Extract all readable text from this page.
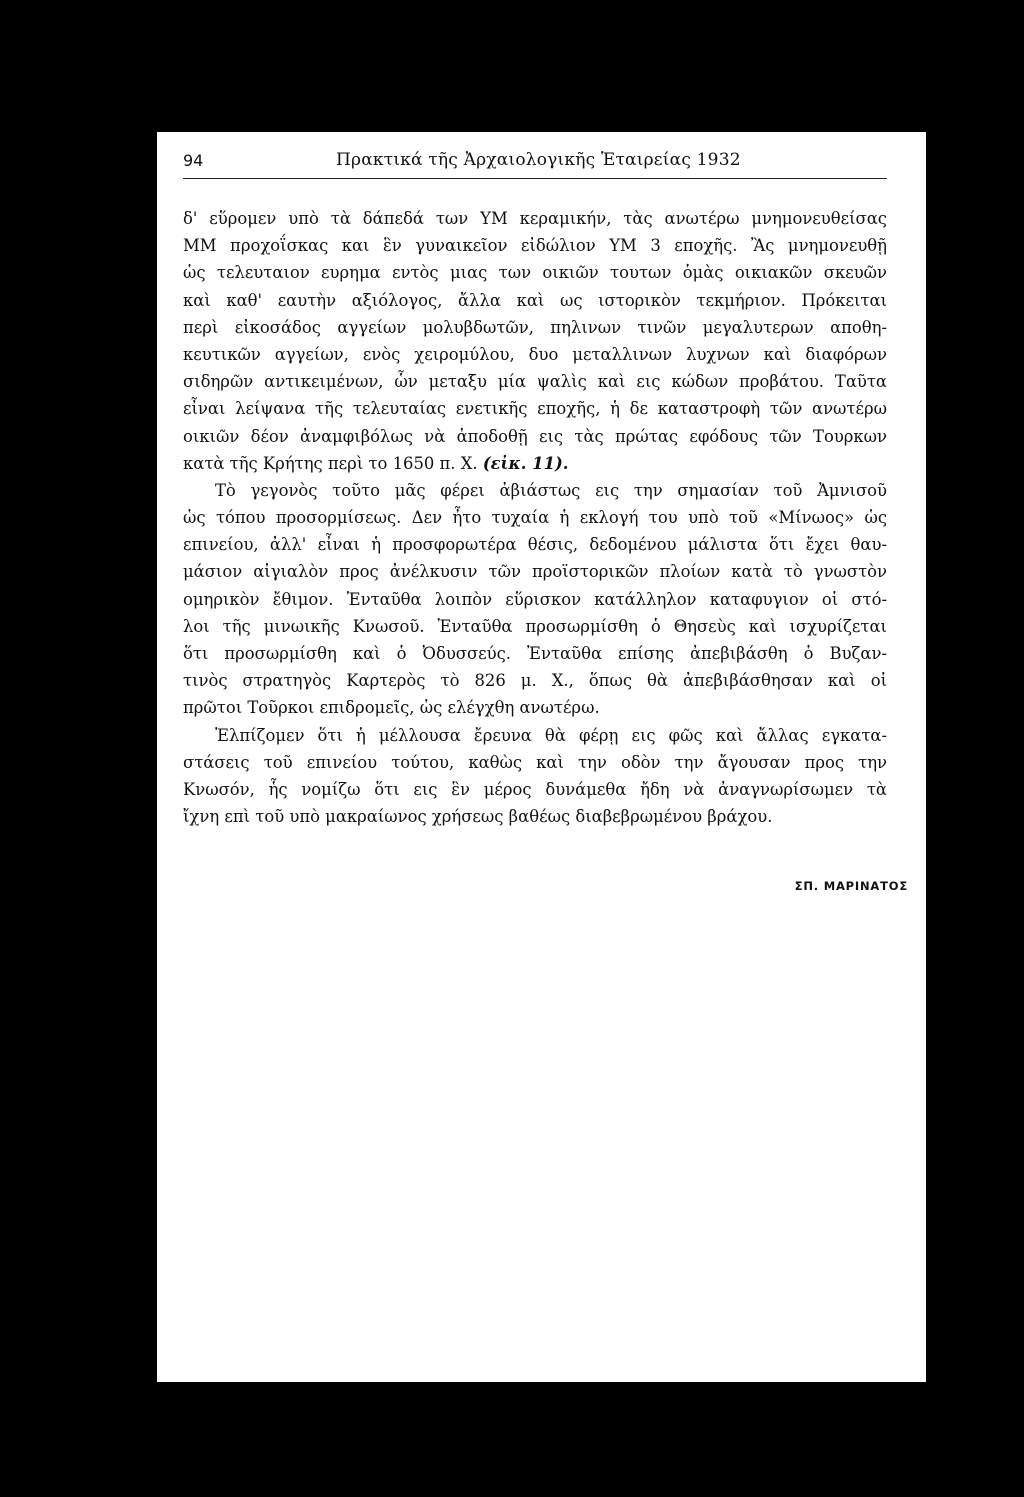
94	Πρακτικά τῆς Ἀρχαιολογικῆς Ἑταιρείας 1932
δ' εὕρομεν υπὸ τὰ δάπεδά των ΥΜ κεραμικήν, τὰς ανωτέρω μνημονευθείσας
ΜΜ προχοΐσκας και ἓν γυναικεῖον εἰδώλιον ΥΜ 3 εποχῆς. Ἂς μνημονευθῇ
ὡς τελευταιον ευρημα εντὸς μιας των οικιῶν τουτων ὁμὰς οικιακῶν σκευῶν
καὶ καθ' εαυτὴν αξιόλογος, ἄλλα καὶ ως ιστορικὸν τεκμήριον. Πρόκειται
περὶ εἰκοσάδος αγγείων μολυβδωτῶν, πηλινων τινῶν μεγαλυτερων αποθη-
κευτικῶν αγγείων, ενὸς χειρομύλου, δυο μεταλλινων λυχνων καὶ διαφόρων
σιδηρῶν αντικειμένων, ὧν μεταξυ μία ψαλὶς καὶ εις κώδων προβάτου. Ταῦτα
εἶναι λείψανα τῆς τελευταίας ενετικῆς εποχῆς, ἡ δε καταστροφὴ τῶν ανωτέρω
οικιῶν δέον ἀναμφιβόλως νὰ ἀποδοθῇ εις τὰς πρώτας εφόδους τῶν Τουρκων
κατὰ τῆς Κρήτης περὶ το 1650 π. Χ. (εἰκ. 11).
Τὸ γεγονὸς τοῦτο μᾶς φέρει ἀβιάστως εις την σημασίαν τοῦ Ἀμνισοῦ
ὡς τόπου προσορμίσεως. Δεν ἦτο τυχαία ἡ εκλογή του υπὸ τοῦ «Μίνωος» ὡς
επινείου, ἀλλ' εἶναι ἡ προσφορωτέρα θέσις, δεδομένου μάλιστα ὅτι ἔχει θαυ-
μάσιον αἰγιαλὸν προς ἀνέλκυσιν τῶν προϊστορικῶν πλοίων κατὰ τὸ γνωστὸν
ομηρικὸν ἔθιμον. Ἐνταῦθα λοιπὸν εὕρισκον κατάλληλον καταφυγιον οἱ στό-
λοι τῆς μινωικῆς Κνωσοῦ. Ἐνταῦθα προσωρμίσθη ὁ Θησεὺς καὶ ισχυρίζεται
ὅτι προσωρμίσθη καὶ ὁ Ὀδυσσεύς. Ἐνταῦθα επίσης ἀπεβιβάσθη ὁ Βυζαν-
τινὸς στρατηγὸς Καρτερὸς τὸ 826 μ. Χ., ὅπως θὰ ἀπεβιβάσθησαν καὶ οἱ
πρῶτοι Τοῦρκοι επιδρομεῖς, ὡς ελέγχθη ανωτέρω.
Ἐλπίζομεν ὅτι ἡ μέλλουσα ἔρευνα θὰ φέρῃ εις φῶς καὶ ἄλλας εγκατα-
στάσεις τοῦ επινείου τούτου, καθὼς καὶ την οδὸν την ἄγουσαν προς την
Κνωσόν, ἧς νομίζω ὅτι εις ἓν μέρος δυνάμεθα ἤδη νὰ ἀναγνωρίσωμεν τὰ
ἴχνη επὶ τοῦ υπὸ μακραίωνος χρήσεως βαθέως διαβεβρωμένου βράχου.
ΣΠ. ΜΑΡΙΝΑΤΟΣ
